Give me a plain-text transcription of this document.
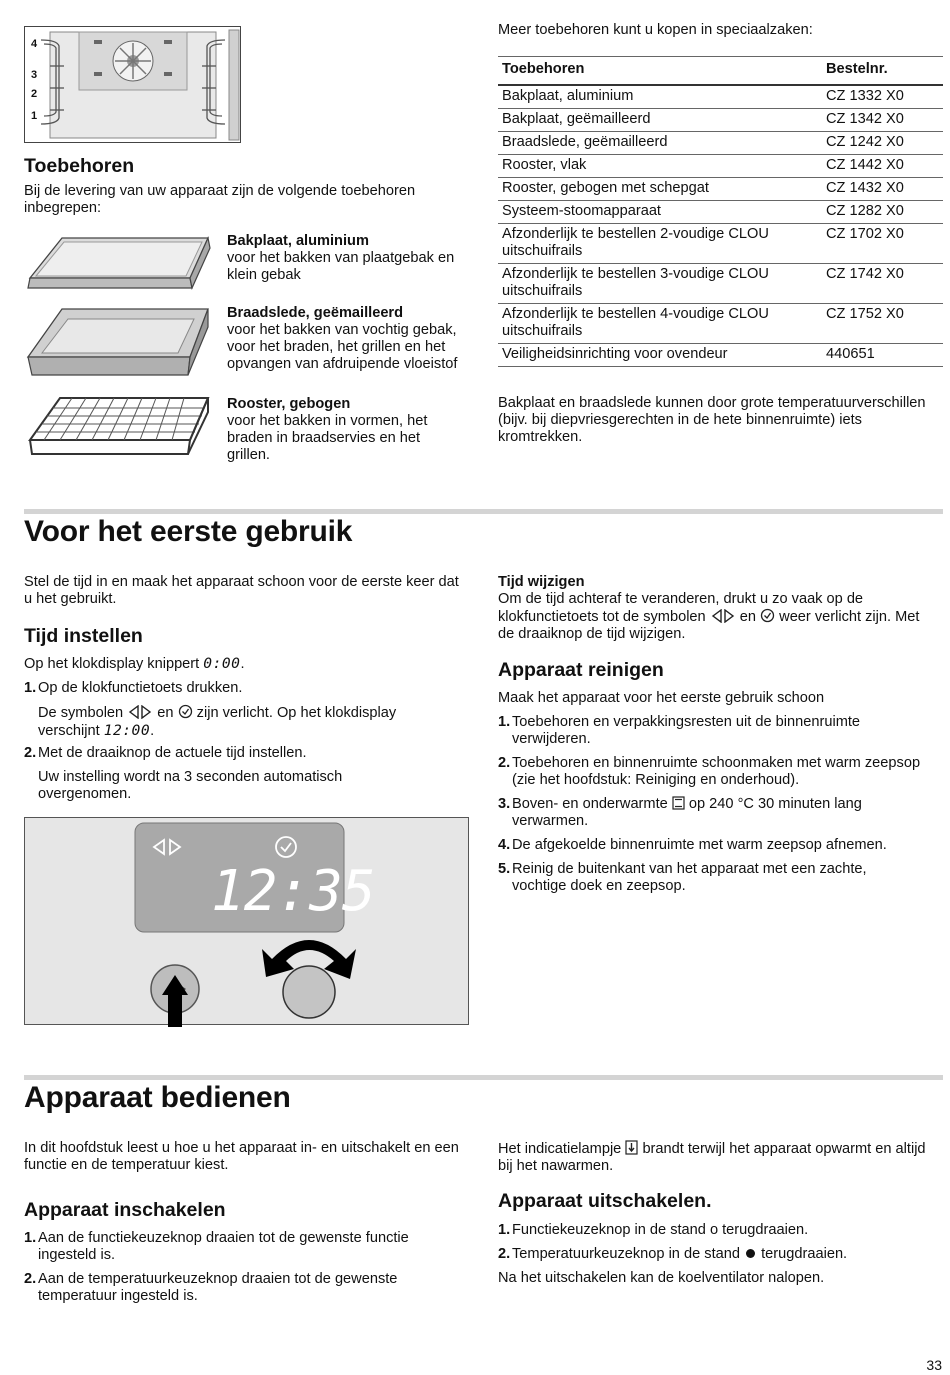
4
3
2
1
Toebehoren
Bij de levering van uw apparaat zijn de volgende toebehoren inbegrepen:
Bakplaat, aluminium
voor het bakken van plaatgebak en klein gebak
Braadslede, geëmailleerd
voor het bakken van vochtig gebak, voor het braden, het grillen en het opvangen van afdruipende vloeistof
Rooster, gebogen
voor het bakken in vormen, het braden in braadservies en het grillen.
Meer toebehoren kunt u kopen in speciaalzaken:
Toebehoren	Bestelnr.
Bakplaat, aluminium	CZ 1332 X0
Bakplaat, geëmailleerd	CZ 1342 X0
Braadslede, geëmailleerd	CZ 1242 X0
Rooster, vlak	CZ 1442 X0
Rooster, gebogen met schepgat	CZ 1432 X0
Systeem-stoomapparaat	CZ 1282 X0
Afzonderlijk te bestellen 2-voudige CLOU uitschuifrails	CZ 1702 X0
Afzonderlijk te bestellen 3-voudige CLOU uitschuifrails	CZ 1742 X0
Afzonderlijk te bestellen 4-voudige CLOU uitschuifrails	CZ 1752 X0
Veiligheidsinrichting voor ovendeur	440651
Bakplaat en braadslede kunnen door grote temperatuurverschillen (bijv. bij diepvriesgerechten in de hete binnenruimte) iets kromtrekken.
Voor het eerste gebruik
Stel de tijd in en maak het apparaat schoon voor de eerste keer dat u het gebruikt.
Tijd instellen
Op het klokdisplay knippert 0:00.
1. Op de klokfunctietoets drukken.
De symbolen en zijn verlicht. Op het klokdisplay verschijnt 12:00.
2. Met de draaiknop de actuele tijd instellen.
Uw instelling wordt na 3 seconden automatisch overgenomen.
12:35
Tijd wijzigen
Om de tijd achteraf te veranderen, drukt u zo vaak op de klokfunctietoets tot de symbolen en weer verlicht zijn. Met de draaiknop de tijd wijzigen.
Apparaat reinigen
Maak het apparaat voor het eerste gebruik schoon
1. Toebehoren en verpakkingsresten uit de binnenruimte verwijderen.
2. Toebehoren en binnenruimte schoonmaken met warm zeepsop (zie het hoofdstuk: Reiniging en onderhoud).
3. Boven- en onderwarmte op 240 °C 30 minuten lang verwarmen.
4. De afgekoelde binnenruimte met warm zeepsop afnemen.
5. Reinig de buitenkant van het apparaat met een zachte, vochtige doek en zeepsop.
Apparaat bedienen
In dit hoofdstuk leest u hoe u het apparaat in- en uitschakelt en een functie en de temperatuur kiest.
Apparaat inschakelen
1. Aan de functiekeuzeknop draaien tot de gewenste functie ingesteld is.
2. Aan de temperatuurkeuzeknop draaien tot de gewenste temperatuur ingesteld is.
Het indicatielampje brandt terwijl het apparaat opwarmt en altijd bij het nawarmen.
Apparaat uitschakelen.
1. Functiekeuzeknop in de stand o terugdraaien.
2. Temperatuurkeuzeknop in de stand terugdraaien.
Na het uitschakelen kan de koelventilator nalopen.
33
